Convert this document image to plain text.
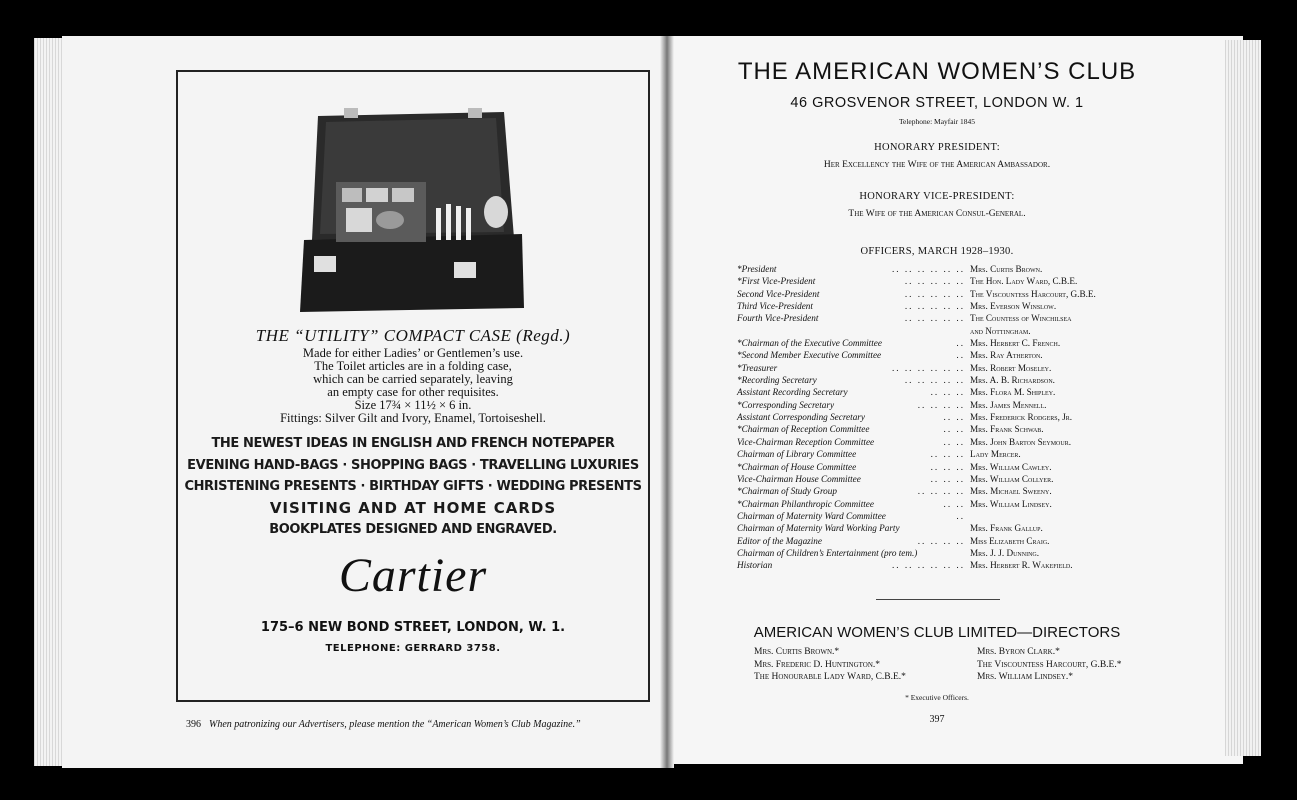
THE “UTILITY” COMPACT CASE (Regd.)
Made for either Ladies’ or Gentlemen’s use.
The Toilet articles are in a folding case,
which can be carried separately, leaving
an empty case for other requisites.
Size 17¾ × 11½ × 6 in.
Fittings: Silver Gilt and Ivory, Enamel, Tortoiseshell.
THE NEWEST IDEAS IN ENGLISH AND FRENCH NOTEPAPER
EVENING HAND-BAGS · SHOPPING BAGS · TRAVELLING LUXURIES
CHRISTENING PRESENTS · BIRTHDAY GIFTS · WEDDING PRESENTS
VISITING AND AT HOME CARDS
BOOKPLATES DESIGNED AND ENGRAVED.
Cartier
175–6 NEW BOND STREET, LONDON, W. 1.
TELEPHONE: GERRARD 3758.
396 When patronizing our Advertisers, please mention the “American Women’s Club Magazine.”
THE AMERICAN WOMEN’S CLUB
46 GROSVENOR STREET, LONDON W. 1
Telephone: Mayfair 1845
HONORARY PRESIDENT:
Her Excellency the Wife of the American Ambassador.
HONORARY VICE-PRESIDENT:
The Wife of the American Consul-General.
OFFICERS, MARCH 1928–1930.
.. .. .. .. .. ..
*President	Mrs. Curtis Brown.
.. .. .. .. ..
*First Vice-President	The Hon. Lady Ward, C.B.E.
.. .. .. .. ..
Second Vice-President	The Viscountess Harcourt, G.B.E.
.. .. .. .. ..
Third Vice-President	Mrs. Everson Winslow.
.. .. .. .. ..
Fourth Vice-President	The Countess of Winchilsea
and Nottingham.
..
*Chairman of the Executive Committee	Mrs. Herbert C. French.
..
*Second Member Executive Committee	Mrs. Ray Atherton.
.. .. .. .. .. ..
*Treasurer	Mrs. Robert Moseley.
.. .. .. .. ..
*Recording Secretary	Mrs. A. B. Richardson.
.. .. ..
Assistant Recording Secretary	Mrs. Flora M. Shipley.
.. .. .. ..
*Corresponding Secretary	Mrs. James Mennell.
.. ..
Assistant Corresponding Secretary	Mrs. Frederick Rodgers, Jr.
.. ..
*Chairman of Reception Committee	Mrs. Frank Schwab.
.. ..
Vice-Chairman Reception Committee	Mrs. John Barton Seymour.
.. .. ..
Chairman of Library Committee	Lady Mercer.
.. .. ..
*Chairman of House Committee	Mrs. William Cawley.
.. .. ..
Vice-Chairman House Committee	Mrs. William Collyer.
.. .. .. ..
*Chairman of Study Group	Mrs. Michael Sweeny.
.. ..
*Chairman Philanthropic Committee	Mrs. William Lindsey.
..
Chairman of Maternity Ward Committee
Chairman of Maternity Ward Working Party	Mrs. Frank Gallup.
.. .. .. ..
Editor of the Magazine	Miss Elizabeth Craig.
Chairman of Children’s Entertainment (pro tem.)	Mrs. J. J. Dunning.
.. .. .. .. .. ..
Historian	Mrs. Herbert R. Wakefield.
AMERICAN WOMEN’S CLUB LIMITED—DIRECTORS
Mrs. Curtis Brown.*
Mrs. Frederic D. Huntington.*
The Honourable Lady Ward, C.B.E.*
Mrs. Byron Clark.*
The Viscountess Harcourt, G.B.E.*
Mrs. William Lindsey.*
* Executive Officers.
397
